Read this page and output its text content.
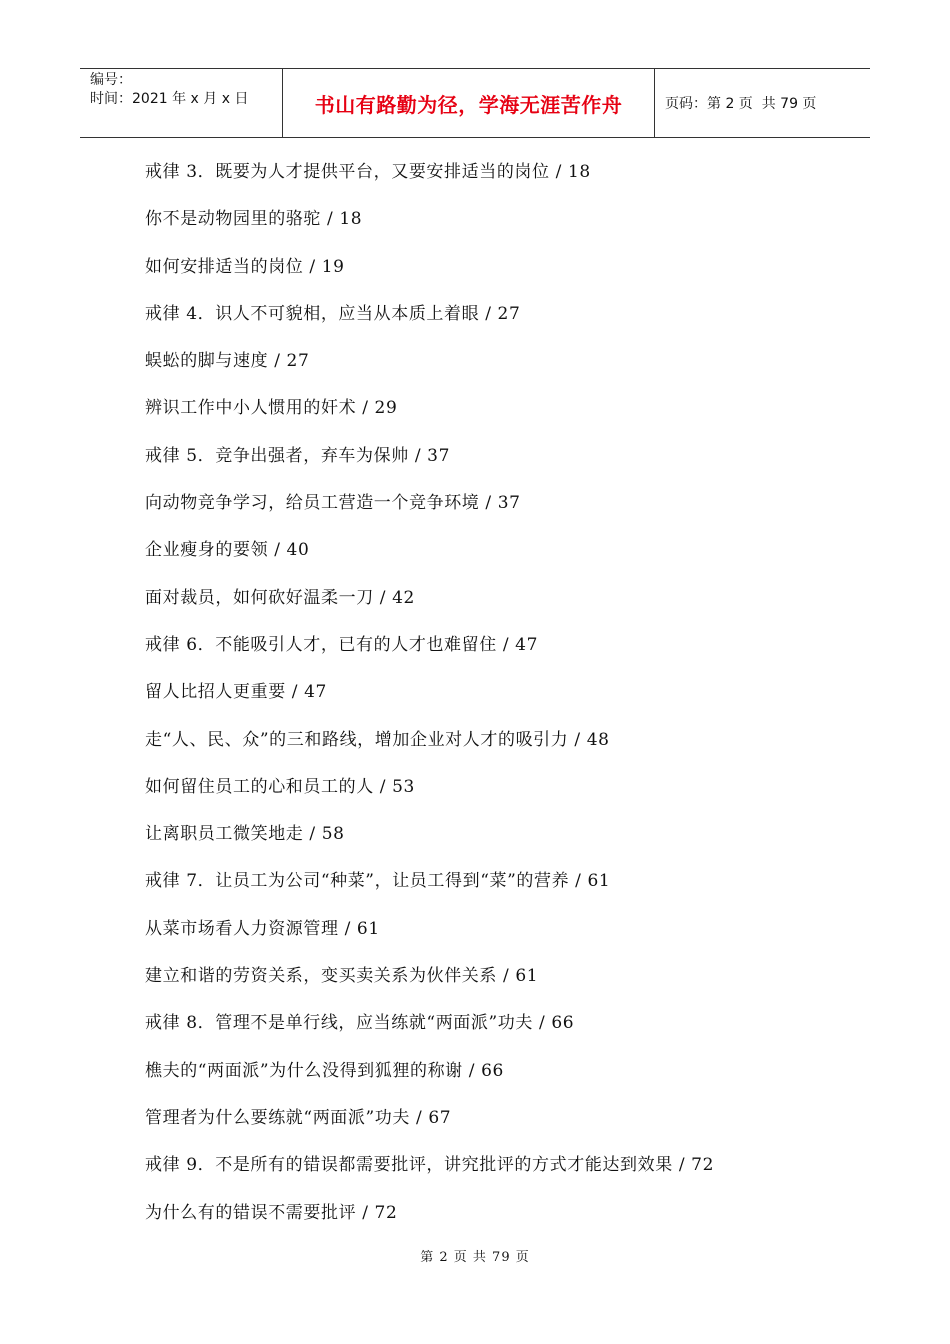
编号：
时间：2021 年 x 月 x 日	书山有路勤为径，学海无涯苦作舟	页码：第 2 页  共 79 页
戒律 3．既要为人才提供平台，又要安排适当的岗位 / 18
你不是动物园里的骆驼 / 18
如何安排适当的岗位 / 19
戒律 4．识人不可貌相，应当从本质上着眼 / 27
蜈蚣的脚与速度 / 27
辨识工作中小人惯用的奸术 / 29
戒律 5．竞争出强者，弃车为保帅 / 37
向动物竞争学习，给员工营造一个竞争环境 / 37
企业瘦身的要领 / 40
面对裁员，如何砍好温柔一刀 / 42
戒律 6．不能吸引人才，已有的人才也难留住 / 47
留人比招人更重要 / 47
走“人、民、众”的三和路线，增加企业对人才的吸引力 / 48
如何留住员工的心和员工的人 / 53
让离职员工微笑地走 / 58
戒律 7．让员工为公司“种菜”，让员工得到“菜”的营养 / 61
从菜市场看人力资源管理 / 61
建立和谐的劳资关系，变买卖关系为伙伴关系 / 61
戒律 8．管理不是单行线，应当练就“两面派”功夫 / 66
樵夫的“两面派”为什么没得到狐狸的称谢 / 66
管理者为什么要练就“两面派”功夫 / 67
戒律 9．不是所有的错误都需要批评，讲究批评的方式才能达到效果 / 72
为什么有的错误不需要批评 / 72
第 2 页 共 79 页
